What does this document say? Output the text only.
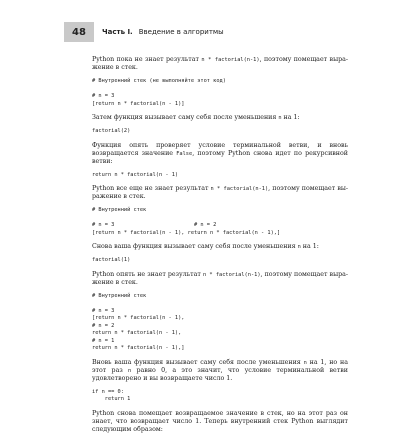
48	Часть I. Введение в алгоритмы

Python пока не знает результат n * factorial(n-1), поэтому помещает выра-жение в стек.

# Внутренний стек (не выполняйте этот код)
# n = 3
[return n * factorial(n - 1)]

Затем функция вызывает саму себя после уменьшения n на 1:

factorial(2)

Функция опять проверяет условие терминальной ветви, и вновь возвращается значение False, поэтому Python снова идет по рекурсивной ветви:

return n * factorial(n - 1)

Python все еще не знает результат n * factorial(n-1), поэтому помещает вы-ражение в стек.

# Внутренний стек
# n = 3                         # n = 2
[return n * factorial(n - 1), return n * factorial(n - 1),]

Снова ваша функция вызывает саму себя после уменьшения n на 1:

factorial(1)

Python опять не знает результат n * factorial(n-1), поэтому помещает выра-жение в стек.

# Внутренний стек
# n = 3
[return n * factorial(n - 1),
# n = 2
return n * factorial(n - 1),
# n = 1
return n * factorial(n - 1),]

Вновь ваша функция вызывает саму себя после уменьшения n на 1, но на этот раз n равно 0, а это значит, что условие терминальной ветви удовлетворено и вы возвращаете число 1.

if n == 0:
return 1

Python снова помещает возвращаемое значение в стек, но на этот раз он знает, что возвращает число 1. Теперь внутренний стек Python выглядит следующим образом:
